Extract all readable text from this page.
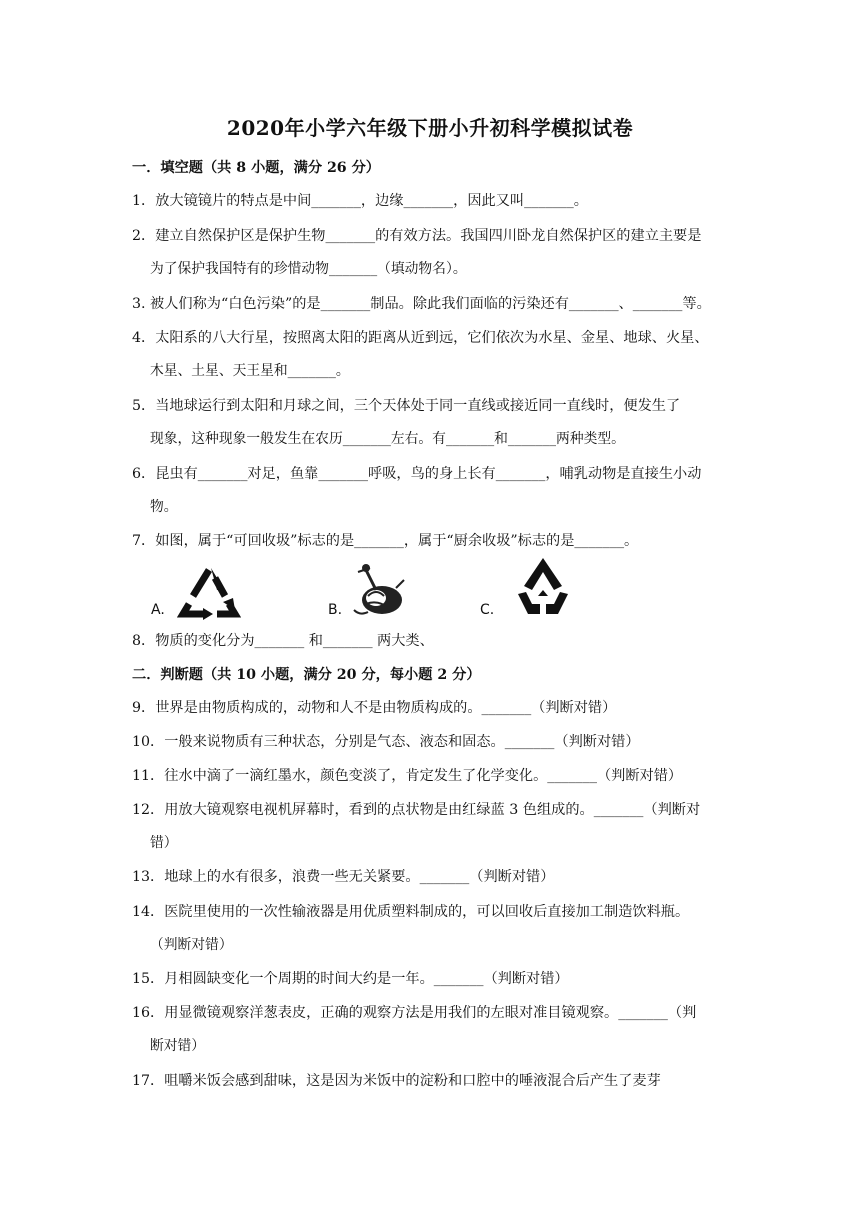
2020年小学六年级下册小升初科学模拟试卷
一．填空题（共 8 小题，满分 26 分）
1．放大镜镜片的特点是中间_______，边缘_______，因此又叫_______。
2．建立自然保护区是保护生物_______的有效方法。我国四川卧龙自然保护区的建立主要是
为了保护我国特有的珍惜动物_______（填动物名）。
3. 被人们称为“白色污染”的是_______制品。除此我们面临的污染还有_______、_______等。
4．太阳系的八大行星，按照离太阳的距离从近到远，它们依次为水星、金星、地球、火星、
木星、土星、天王星和_______。
5．当地球运行到太阳和月球之间，三个天体处于同一直线或接近同一直线时，便发生了
现象，这种现象一般发生在农历_______左右。有_______和_______两种类型。
6．昆虫有_______对足，鱼靠_______呼吸，鸟的身上长有_______，哺乳动物是直接生小动
物。
7．如图，属于“可回收圾”标志的是_______，属于“厨余收圾”标志的是_______。
A.	B.	C.
8．物质的变化分为_______ 和_______ 两大类、
二．判断题（共 10 小题，满分 20 分，每小题 2 分）
9．世界是由物质构成的，动物和人不是由物质构成的。_______（判断对错）
10．一般来说物质有三种状态，分别是气态、液态和固态。_______（判断对错）
11．往水中滴了一滴红墨水，颜色变淡了，肯定发生了化学变化。_______（判断对错）
12．用放大镜观察电视机屏幕时，看到的点状物是由红绿蓝 3 色组成的。_______（判断对
错）
13．地球上的水有很多，浪费一些无关紧要。_______（判断对错）
14．医院里使用的一次性输液器是用优质塑料制成的，可以回收后直接加工制造饮料瓶。
（判断对错）
15．月相圆缺变化一个周期的时间大约是一年。_______（判断对错）
16．用显微镜观察洋葱表皮，正确的观察方法是用我们的左眼对准目镜观察。_______（判
断对错）
17．咀嚼米饭会感到甜味，这是因为米饭中的淀粉和口腔中的唾液混合后产生了麦芽
